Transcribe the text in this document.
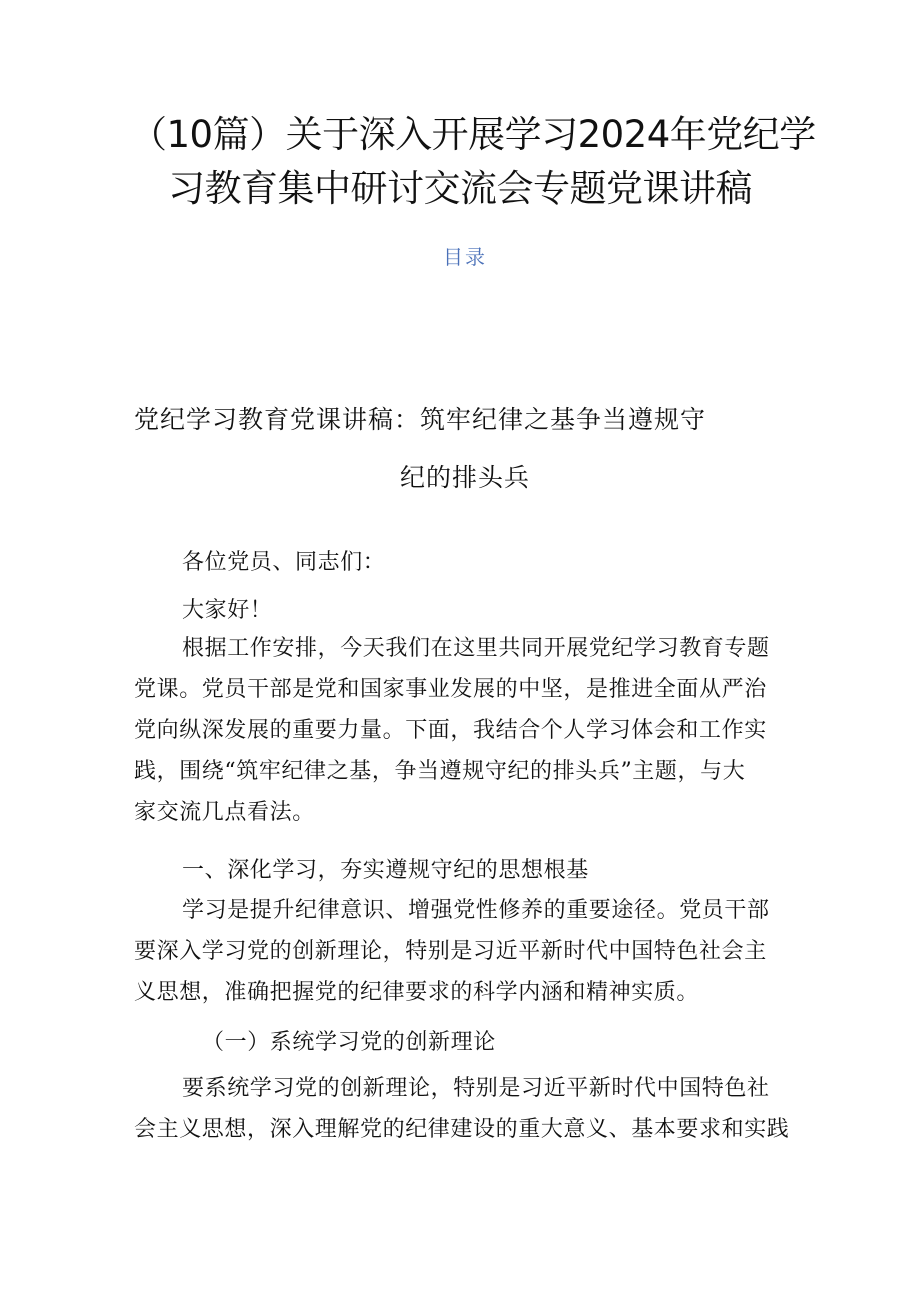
（10篇）关于深入开展学习2024年党纪学
习教育集中研讨交流会专题党课讲稿
目录
党纪学习教育党课讲稿：筑牢纪律之基争当遵规守
纪的排头兵
各位党员、同志们：
大家好！
根据工作安排，今天我们在这里共同开展党纪学习教育专题
党课。党员干部是党和国家事业发展的中坚，是推进全面从严治
党向纵深发展的重要力量。下面，我结合个人学习体会和工作实
践，围绕“筑牢纪律之基，争当遵规守纪的排头兵”主题，与大
家交流几点看法。
一、深化学习，夯实遵规守纪的思想根基
学习是提升纪律意识、增强党性修养的重要途径。党员干部
要深入学习党的创新理论，特别是习近平新时代中国特色社会主
义思想，准确把握党的纪律要求的科学内涵和精神实质。
（一）系统学习党的创新理论
要系统学习党的创新理论，特别是习近平新时代中国特色社
会主义思想，深入理解党的纪律建设的重大意义、基本要求和实践
